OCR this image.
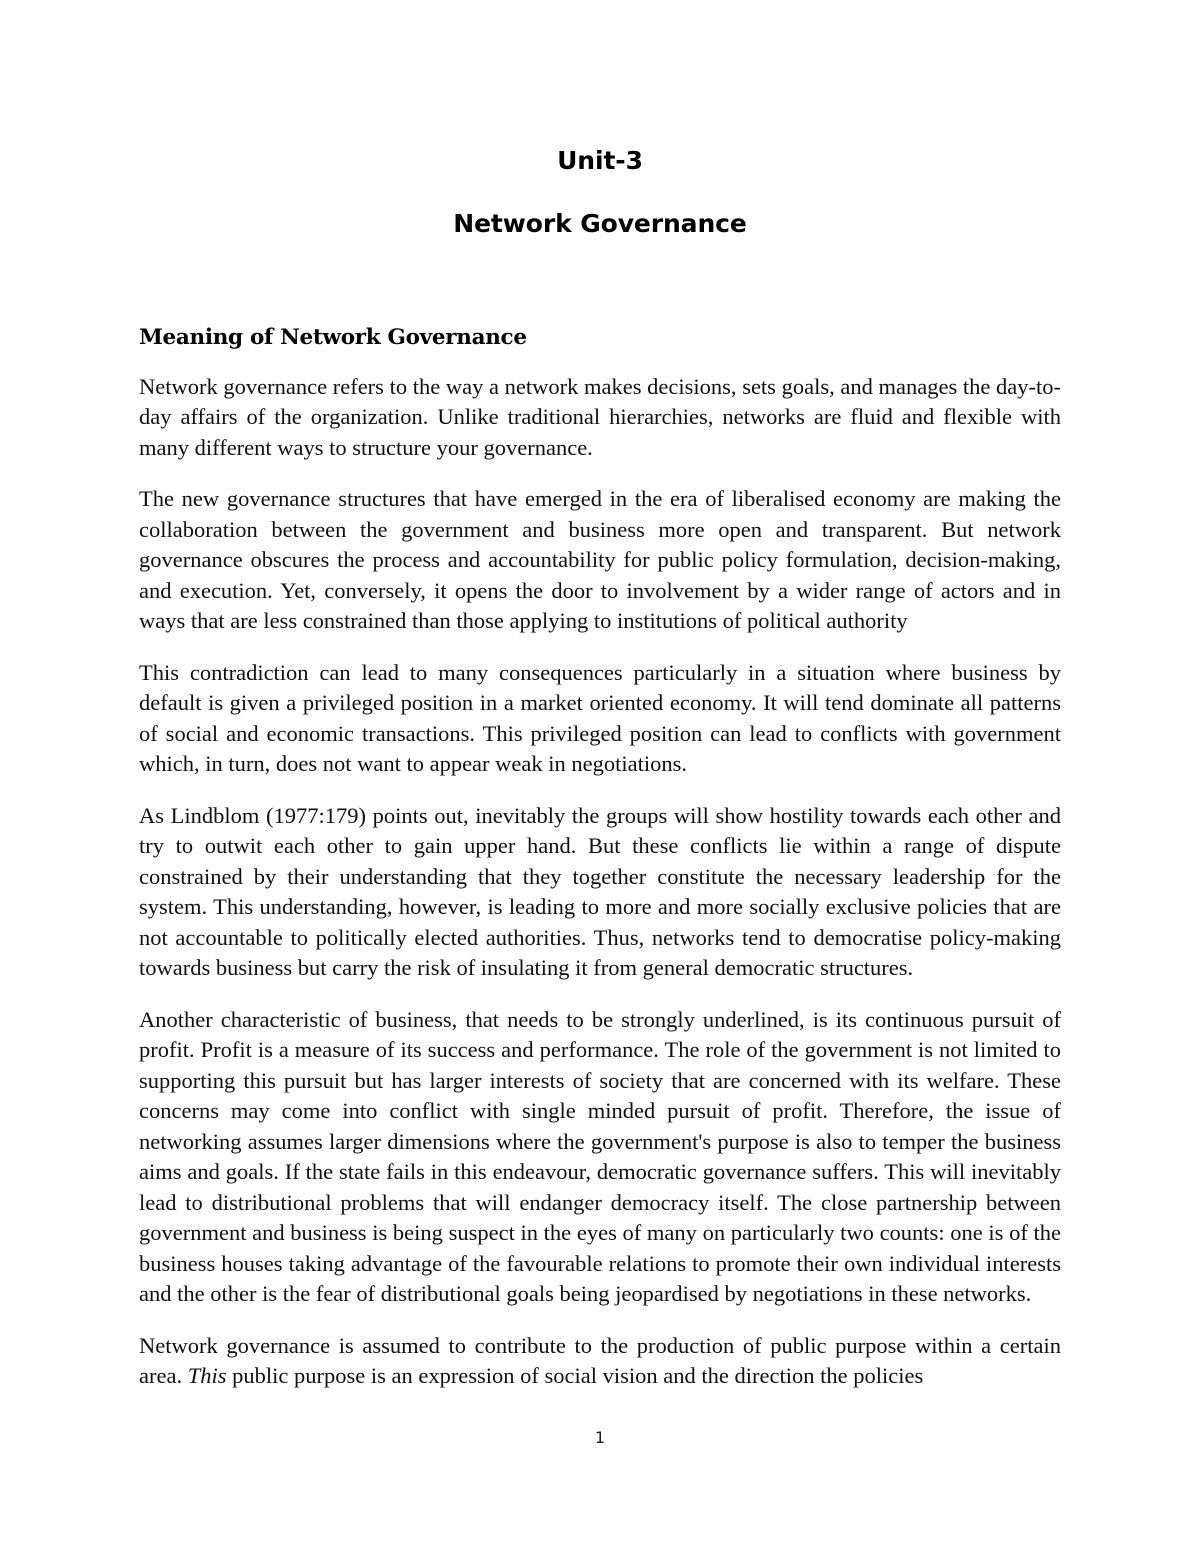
Unit-3
Network Governance
Meaning of Network Governance

Network governance refers to the way a network makes decisions, sets goals, and manages the day-to-day affairs of the organization. Unlike traditional hierarchies, networks are fluid and flexible with many different ways to structure your governance.

The new governance structures that have emerged in the era of liberalised economy are making the collaboration between the government and business more open and transparent. But network governance obscures the process and accountability for public policy formulation, decision-making, and execution. Yet, conversely, it opens the door to involvement by a wider range of actors and in ways that are less constrained than those applying to institutions of political authority

This contradiction can lead to many consequences particularly in a situation where business by default is given a privileged position in a market oriented economy. It will tend dominate all patterns of social and economic transactions. This privileged position can lead to conflicts with government which, in turn, does not want to appear weak in negotiations.

As Lindblom (1977:179) points out, inevitably the groups will show hostility towards each other and try to outwit each other to gain upper hand. But these conflicts lie within a range of dispute constrained by their understanding that they together constitute the necessary leadership for the system. This understanding, however, is leading to more and more socially exclusive policies that are not accountable to politically elected authorities. Thus, networks tend to democratise policy-making towards business but carry the risk of insulating it from general democratic structures.

Another characteristic of business, that needs to be strongly underlined, is its continuous pursuit of profit. Profit is a measure of its success and performance. The role of the government is not limited to supporting this pursuit but has larger interests of society that are concerned with its welfare. These concerns may come into conflict with single minded pursuit of profit. Therefore, the issue of networking assumes larger dimensions where the government's purpose is also to temper the business aims and goals. If the state fails in this endeavour, democratic governance suffers. This will inevitably lead to distributional problems that will endanger democracy itself. The close partnership between government and business is being suspect in the eyes of many on particularly two counts: one is of the business houses taking advantage of the favourable relations to promote their own individual interests and the other is the fear of distributional goals being jeopardised by negotiations in these networks.

Network governance is assumed to contribute to the production of public purpose within a certain area. This public purpose is an expression of social vision and the direction the policies

1
